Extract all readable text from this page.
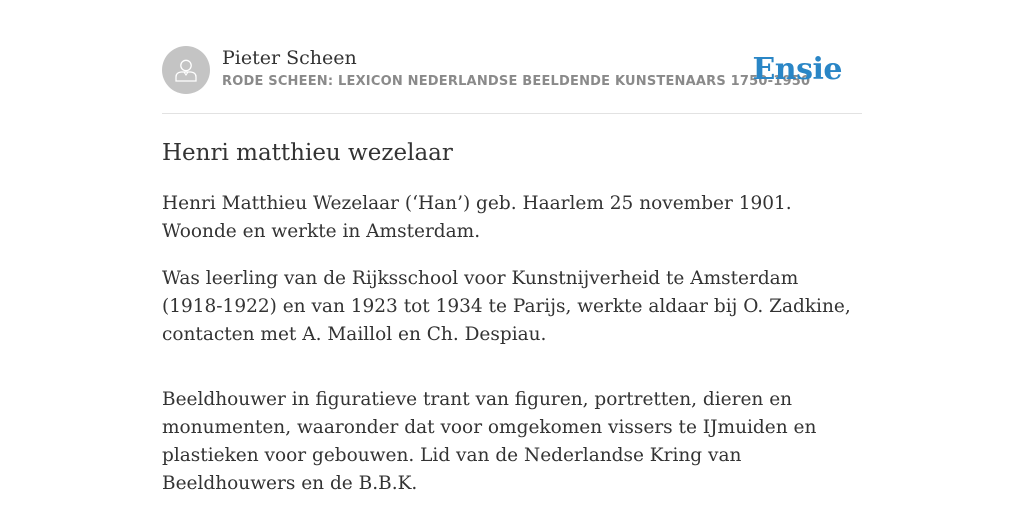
Pieter Scheen
RODE SCHEEN: LEXICON NEDERLANDSE BEELDENDE KUNSTENAARS 1750-1950
Ensie
Henri matthieu wezelaar

Henri Matthieu Wezelaar (‘Han’) geb. Haarlem 25 november 1901. Woonde en werkte in Amsterdam.

Was leerling van de Rijksschool voor Kunstnijverheid te Amsterdam (1918-1922) en van 1923 tot 1934 te Parijs, werkte aldaar bij O. Zadkine, contacten met A. Maillol en Ch. Despiau.

Beeldhouwer in figuratieve trant van figuren, portretten, dieren en monumenten, waaronder dat voor omgekomen vissers te IJmuiden en plastieken voor gebouwen. Lid van de Nederlandse Kring van Beeldhouwers en de B.B.K.
